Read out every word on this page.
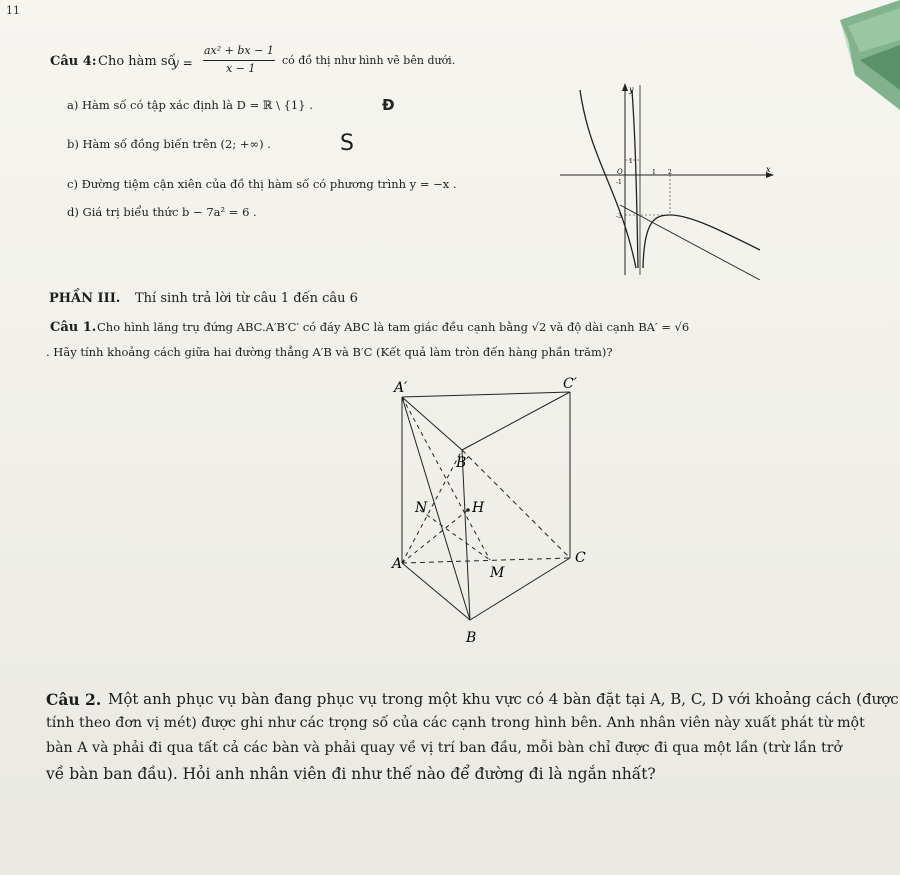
11
Câu 4: Cho hàm số
y =
ax² + bx − 1
x − 1
có đồ thị như hình vẽ bên dưới.
a) Hàm số có tập xác định là D = ℝ \ {1} .	Đ
b) Hàm số đồng biến trên (2; +∞) .	S
c) Đường tiệm cận xiên của đồ thị hàm số có phương trình y = −x .
d) Giá trị biểu thức b − 7a² = 6 .
y
x
O	1 2
1
-1
-3
PHẦN III. Thí sinh trả lời từ câu 1 đến câu 6
Câu 1. Cho hình lăng trụ đứng ABC.A′B′C′ có đáy ABC là tam giác đều cạnh bằng √2 và độ dài cạnh BA′ = √6
. Hãy tính khoảng cách giữa hai đường thẳng A′B và B′C (Kết quả làm tròn đến hàng phần trăm)?
A′	C′
B′
N	H
A
M
C
B
Câu 2. Một anh phục vụ bàn đang phục vụ trong một khu vực có 4 bàn đặt tại A, B, C, D với khoảng cách (được
tính theo đơn vị mét) được ghi như các trọng số của các cạnh trong hình bên. Anh nhân viên này xuất phát từ một
bàn A và phải đi qua tất cả các bàn và phải quay về vị trí ban đầu, mỗi bàn chỉ được đi qua một lần (trừ lần trở
về bàn ban đầu). Hỏi anh nhân viên đi như thế nào để đường đi là ngắn nhất?
